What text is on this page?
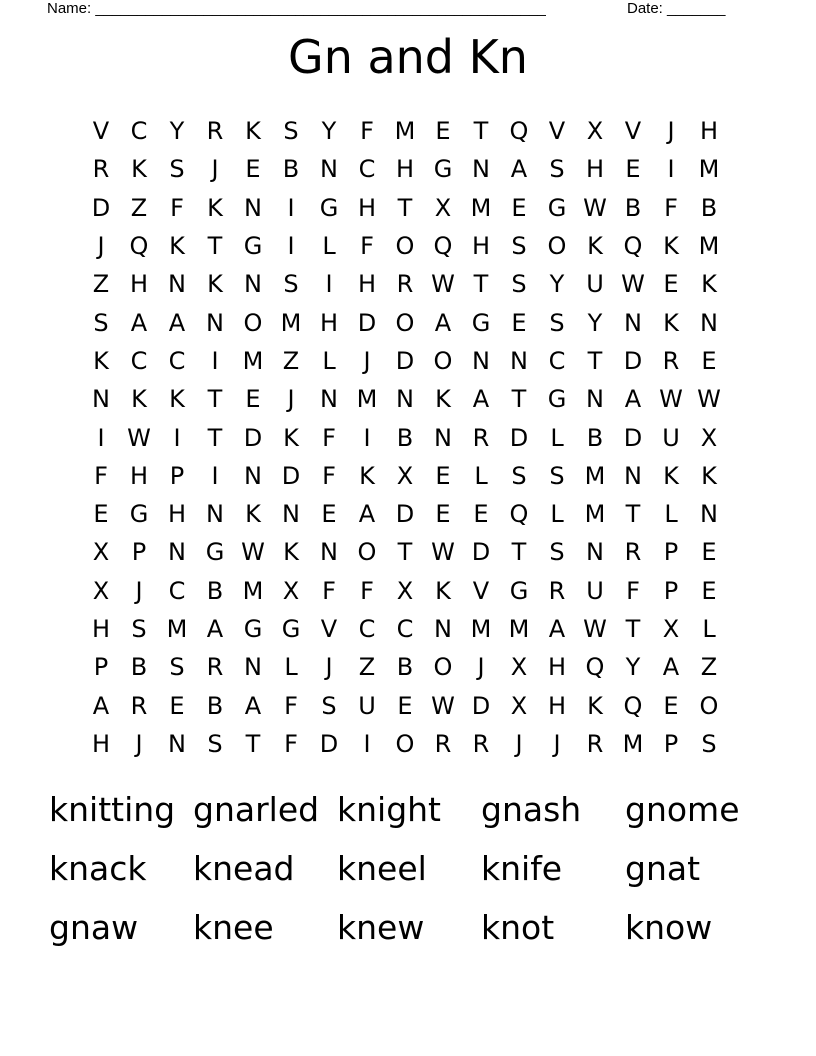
Name: ______________________________________________________	Date: _______
Gn and Kn
V C Y R K S Y F M E T Q V X V	J	H
R K S	J	E B N C H G N A S H E	I	M
D Z F K N	I	G H T X M E G W B F B
J	Q K T G	I	L	F O Q H S O K Q K M
Z H N K N S	I	H R W T S Y U W E K
S A A N O M H D O A G E S Y N K N
K C C	I	M Z L	J	D O N N C T D R E
N K K T E	J	N M N K A T G N A W W
I W I	T D K F	I	B N R D L B D U X
F H P	I	N D F K X E L S S M N K K
E G H N K N E A D E E Q L M T L N
X P N G W K N O T W D T S N R P E
X	J	C B M X F	F X K V G R U F P E
H S M A G G V C C N M M A W T X L
P B S R N L	J	Z B O	J	X H Q Y A Z
A R E B A F S U E W D X H K Q E O
H	J	N S T F D	I	O R R	J	J	R M P S
knitting gnarled knight	gnash	gnome
knack	knead	kneel	knife	gnat
gnaw	knee	knew	knot	know
